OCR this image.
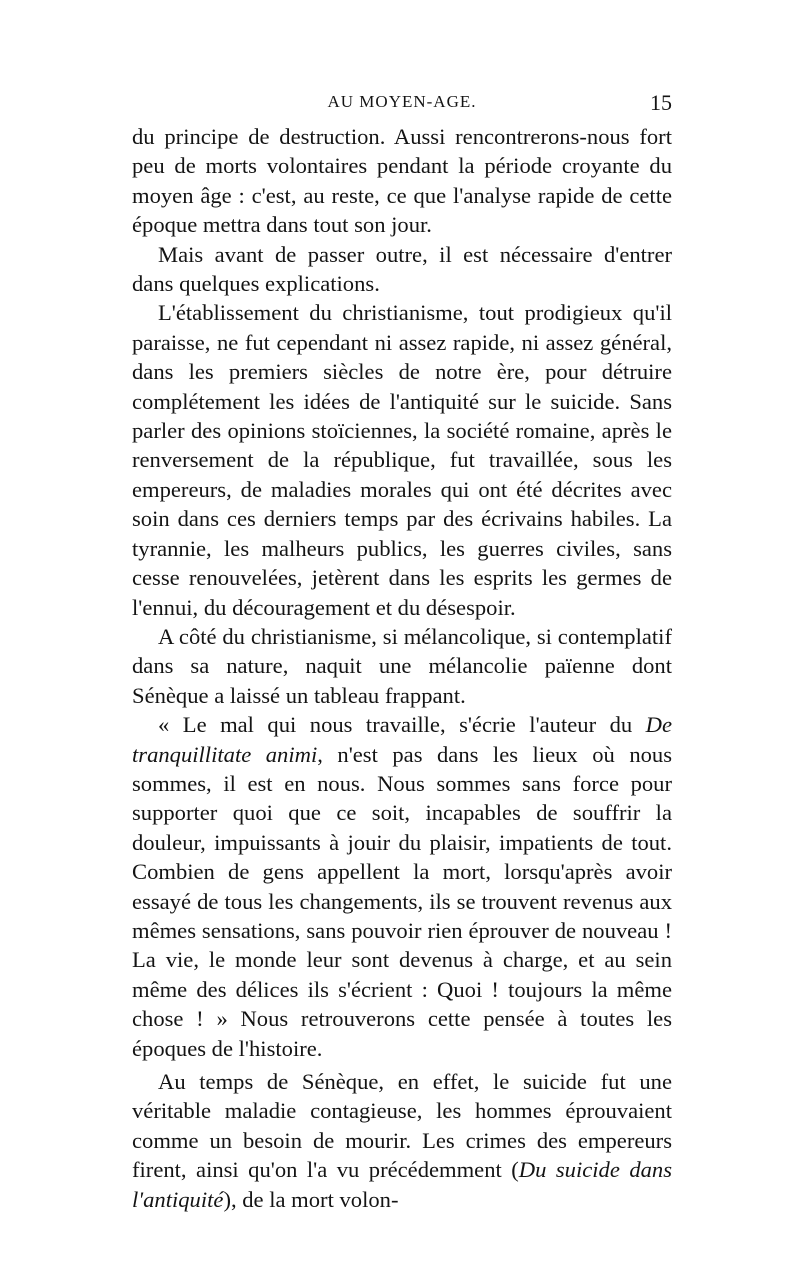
AU MOYEN-AGE.	15

du principe de destruction. Aussi rencontrerons-nous fort peu de morts volontaires pendant la période croyante du moyen âge : c'est, au reste, ce que l'analyse rapide de cette époque mettra dans tout son jour.

Mais avant de passer outre, il est nécessaire d'entrer dans quelques explications.

L'établissement du christianisme, tout prodigieux qu'il paraisse, ne fut cependant ni assez rapide, ni assez général, dans les premiers siècles de notre ère, pour détruire complétement les idées de l'antiquité sur le suicide. Sans parler des opinions stoïciennes, la société romaine, après le renversement de la république, fut travaillée, sous les empereurs, de maladies morales qui ont été décrites avec soin dans ces derniers temps par des écrivains habiles. La tyrannie, les malheurs publics, les guerres civiles, sans cesse renouvelées, jetèrent dans les esprits les germes de l'ennui, du découragement et du désespoir.

A côté du christianisme, si mélancolique, si contemplatif dans sa nature, naquit une mélancolie païenne dont Sénèque a laissé un tableau frappant.

« Le mal qui nous travaille, s'écrie l'auteur du De tranquillitate animi, n'est pas dans les lieux où nous sommes, il est en nous. Nous sommes sans force pour supporter quoi que ce soit, incapables de souffrir la douleur, impuissants à jouir du plaisir, impatients de tout. Combien de gens appellent la mort, lorsqu'après avoir essayé de tous les changements, ils se trouvent revenus aux mêmes sensations, sans pouvoir rien éprouver de nouveau ! La vie, le monde leur sont devenus à charge, et au sein même des délices ils s'écrient : Quoi ! toujours la même chose ! » Nous retrouverons cette pensée à toutes les époques de l'histoire.

Au temps de Sénèque, en effet, le suicide fut une véritable maladie contagieuse, les hommes éprouvaient comme un besoin de mourir. Les crimes des empereurs firent, ainsi qu'on l'a vu précédemment (Du suicide dans l'antiquité), de la mort volon-
